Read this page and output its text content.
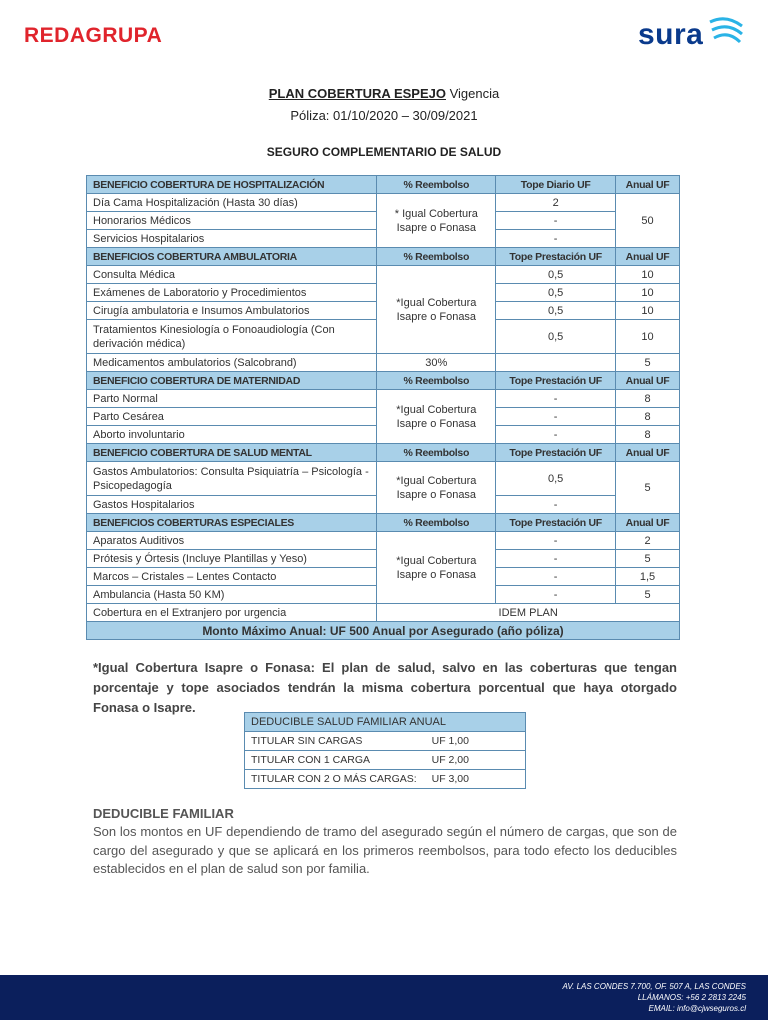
REDAGRUPA	sura
PLAN COBERTURA ESPEJO Vigencia
Póliza: 01/10/2020 – 30/09/2021
SEGURO COMPLEMENTARIO DE SALUD
BENEFICIO COBERTURA DE HOSPITALIZACIÓN	% Reembolso	Tope Diario UF	Anual UF
Día Cama Hospitalización (Hasta 30 días)	* Igual Cobertura Isapre o Fonasa	2	50
Honorarios Médicos		-	
Servicios Hospitalarios		-	
BENEFICIOS COBERTURA AMBULATORIA	% Reembolso	Tope Prestación UF	Anual UF
Consulta Médica	*Igual Cobertura Isapre o Fonasa	0,5	10
Exámenes de Laboratorio y Procedimientos		0,5	10
Cirugía ambulatoria e Insumos Ambulatorios		0,5	10
Tratamientos Kinesiología o Fonoaudiología (Con derivación médica)		0,5	10
Medicamentos ambulatorios (Salcobrand)	30%		5
BENEFICIO COBERTURA DE MATERNIDAD	% Reembolso	Tope Prestación UF	Anual UF
Parto Normal	*Igual Cobertura Isapre o Fonasa	-	8
Parto Cesárea		-	8
Aborto involuntario		-	8
BENEFICIO COBERTURA DE SALUD MENTAL	% Reembolso	Tope Prestación UF	Anual UF
Gastos Ambulatorios: Consulta Psiquiatría – Psicología - Psicopedagogía	*Igual Cobertura Isapre o Fonasa	0,5	5
Gastos Hospitalarios		-	
BENEFICIOS COBERTURAS ESPECIALES	% Reembolso	Tope Prestación UF	Anual UF
Aparatos Auditivos	*Igual Cobertura Isapre o Fonasa	-	2
Prótesis y Órtesis (Incluye Plantillas y Yeso)		-	5
Marcos – Cristales – Lentes Contacto		-	1,5
Ambulancia (Hasta 50 KM)		-	5
Cobertura en el Extranjero por urgencia	IDEM PLAN		
Monto Máximo Anual: UF 500 Anual por Asegurado (año póliza)			
*Igual Cobertura Isapre o Fonasa: El plan de salud, salvo en las coberturas que tengan porcentaje y tope asociados tendrán la misma cobertura porcentual que haya otorgado Fonasa o Isapre.
DEDUCIBLE SALUD FAMILIAR ANUAL
TITULAR SIN CARGAS	UF 1,00

TITULAR CON 1 CARGA	UF 2,00

TITULAR CON 2 O MÁS CARGAS: UF 3,00
DEDUCIBLE FAMILIAR
Son los montos en UF dependiendo de tramo del asegurado según el número de cargas, que son de cargo del asegurado y que se aplicará en los primeros reembolsos, para todo efecto los deducibles establecidos en el plan de salud son por familia.
AV. LAS CONDES 7.700, OF. 507 A, LAS CONDES
LLÁMANOS: +56 2 2813 2245
EMAIL: info@cjwseguros.cl
